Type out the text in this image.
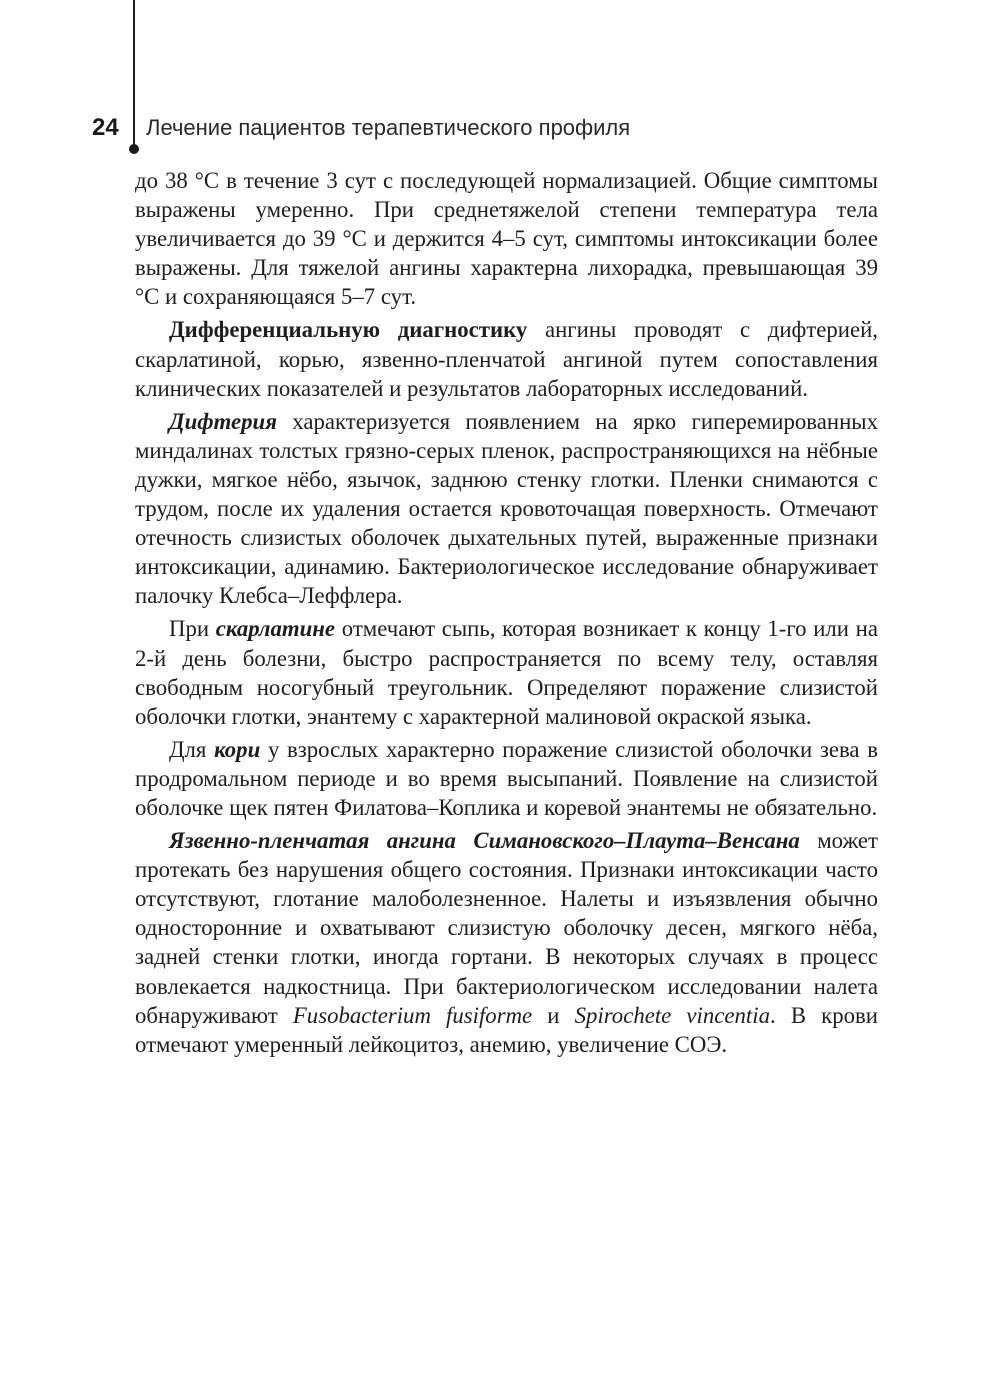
24 Лечение пациентов терапевтического профиля

до 38 °С в течение 3 сут с последующей нормализацией. Общие симптомы выражены умеренно. При среднетяжелой степени температура тела увеличивается до 39 °С и держится 4–5 сут, симптомы интоксикации более выражены. Для тяжелой ангины характерна лихорадка, превышающая 39 °С и сохраняющаяся 5–7 сут.

Дифференциальную диагностику ангины проводят с дифтерией, скарлатиной, корью, язвенно-пленчатой ангиной путем сопоставления клинических показателей и результатов лабораторных исследований.

Дифтерия характеризуется появлением на ярко гиперемированных миндалинах толстых грязно-серых пленок, распространяющихся на нёбные дужки, мягкое нёбо, язычок, заднюю стенку глотки. Пленки снимаются с трудом, после их удаления остается кровоточащая поверхность. Отмечают отечность слизистых оболочек дыхательных путей, выраженные признаки интоксикации, адинамию. Бактериологическое исследование обнаруживает палочку Клебса–Леффлера.

При скарлатине отмечают сыпь, которая возникает к концу 1-го или на 2-й день болезни, быстро распространяется по всему телу, оставляя свободным носогубный треугольник. Определяют поражение слизистой оболочки глотки, энантему с характерной малиновой окраской языка.

Для кори у взрослых характерно поражение слизистой оболочки зева в продромальном периоде и во время высыпаний. Появление на слизистой оболочке щек пятен Филатова–Коплика и коревой энантемы не обязательно.

Язвенно-пленчатая ангина Симановского–Плаута–Венсана может протекать без нарушения общего состояния. Признаки интоксикации часто отсутствуют, глотание малоболезненное. Налеты и изъязвления обычно односторонние и охватывают слизистую оболочку десен, мягкого нёба, задней стенки глотки, иногда гортани. В некоторых случаях в процесс вовлекается надкостница. При бактериологическом исследовании налета обнаруживают Fusobacterium fusiforme и Spirochete vincentia. В крови отмечают умеренный лейкоцитоз, анемию, увеличение СОЭ.
